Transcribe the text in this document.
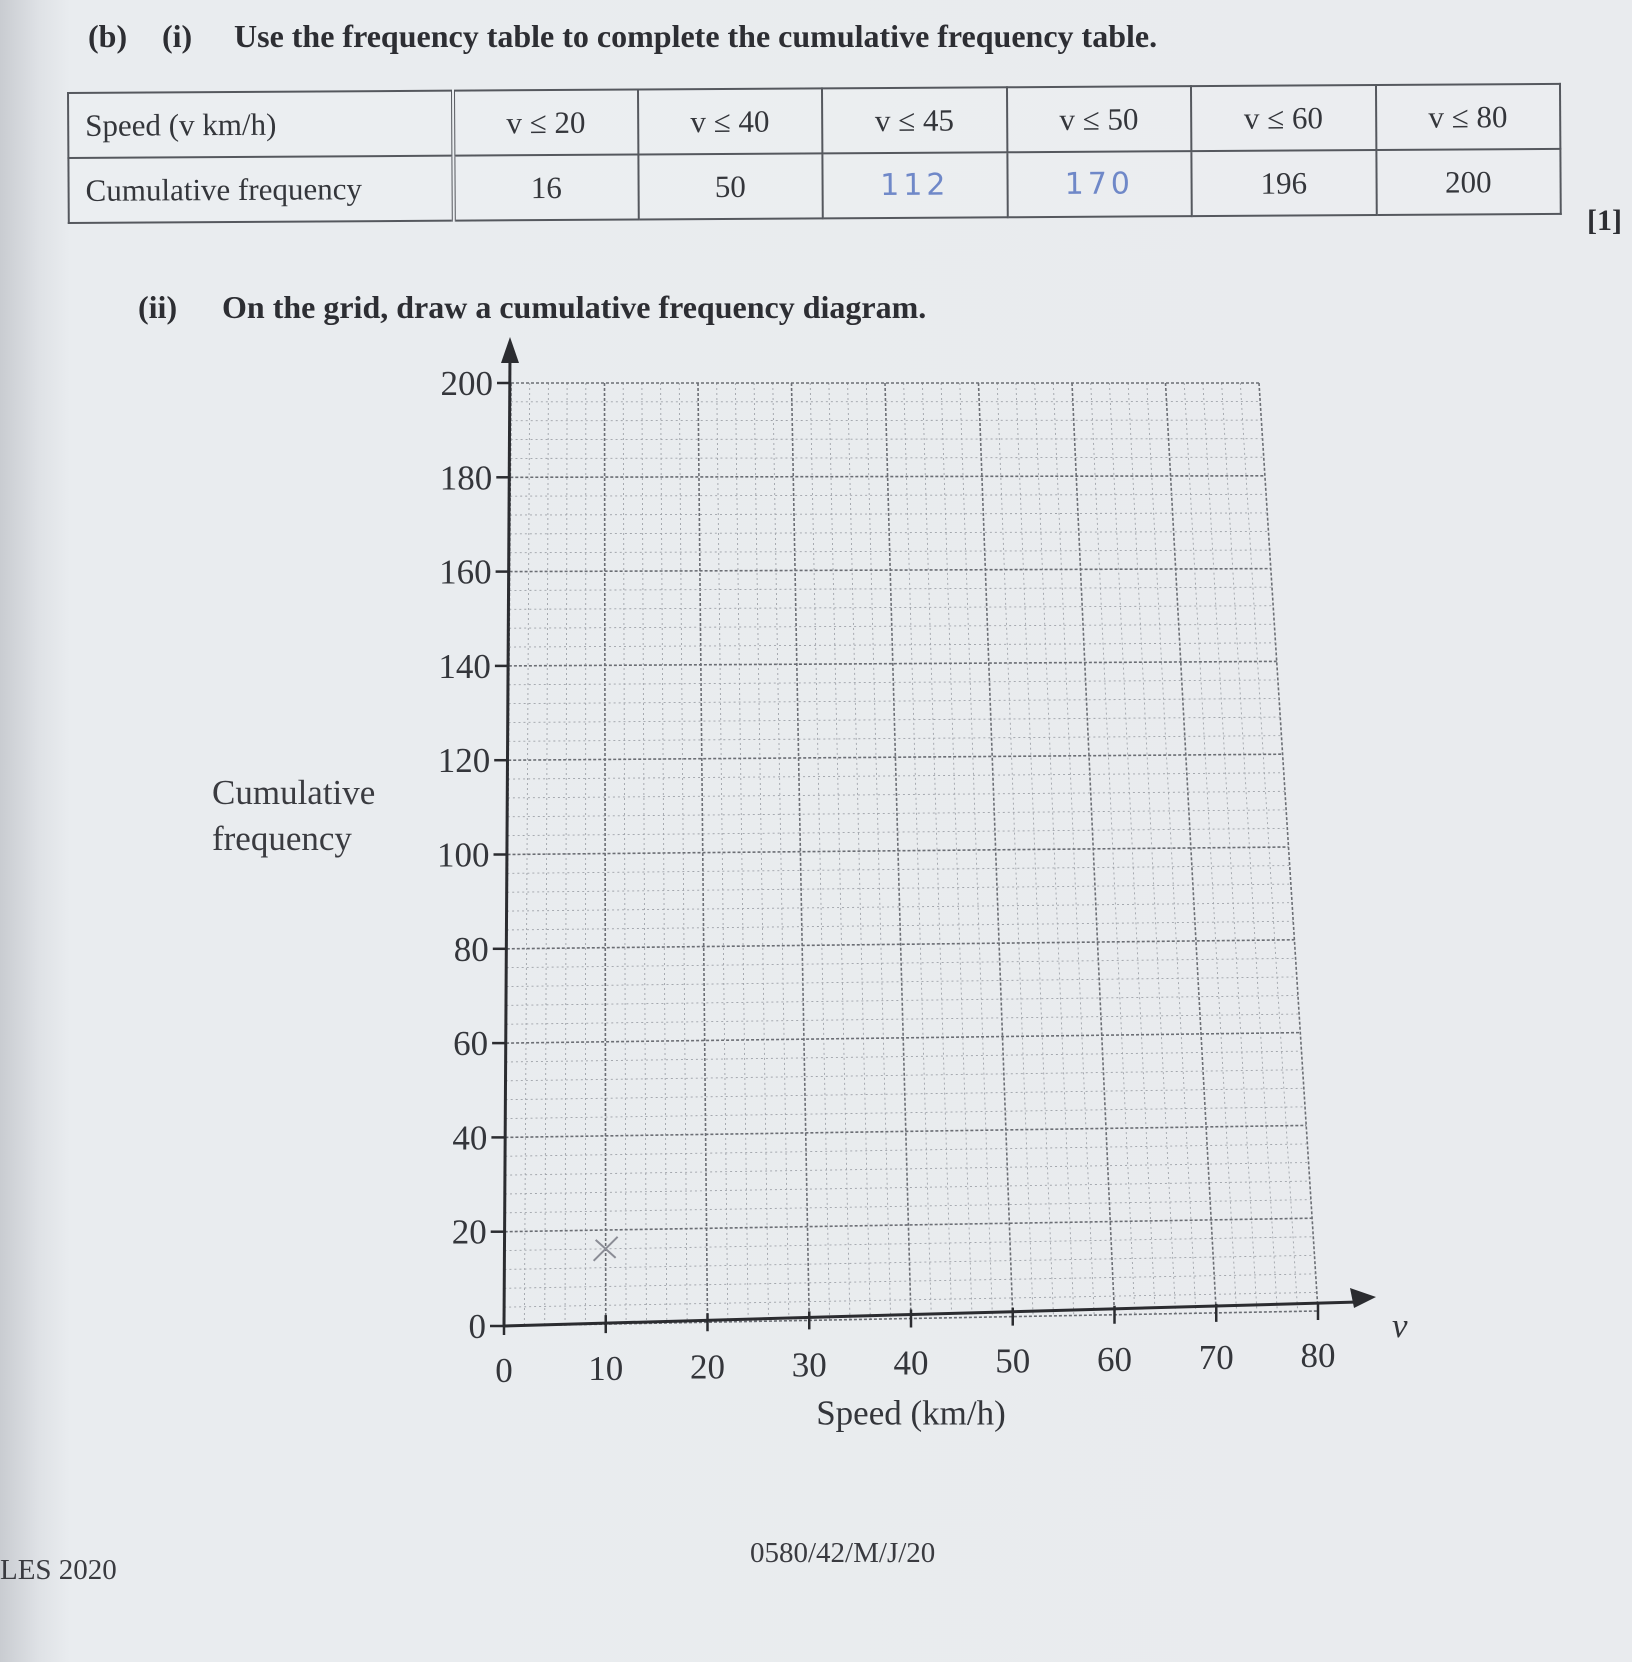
(b) (i) Use the frequency table to complete the cumulative frequency table.
Speed (v km/h)	v ≤ 20	v ≤ 40	v ≤ 45	v ≤ 50	v ≤ 60	v ≤ 80
Cumulative frequency	16	50	112	170	196	200
[1]
(ii) On the grid, draw a cumulative frequency diagram.
Cumulative
frequency
0 10 20 30 40 50 60 70 80
0
20
40
60
80
100
120
140
160
180
200
Speed (km/h)
v
0580/42/M/J/20
LES 2020
